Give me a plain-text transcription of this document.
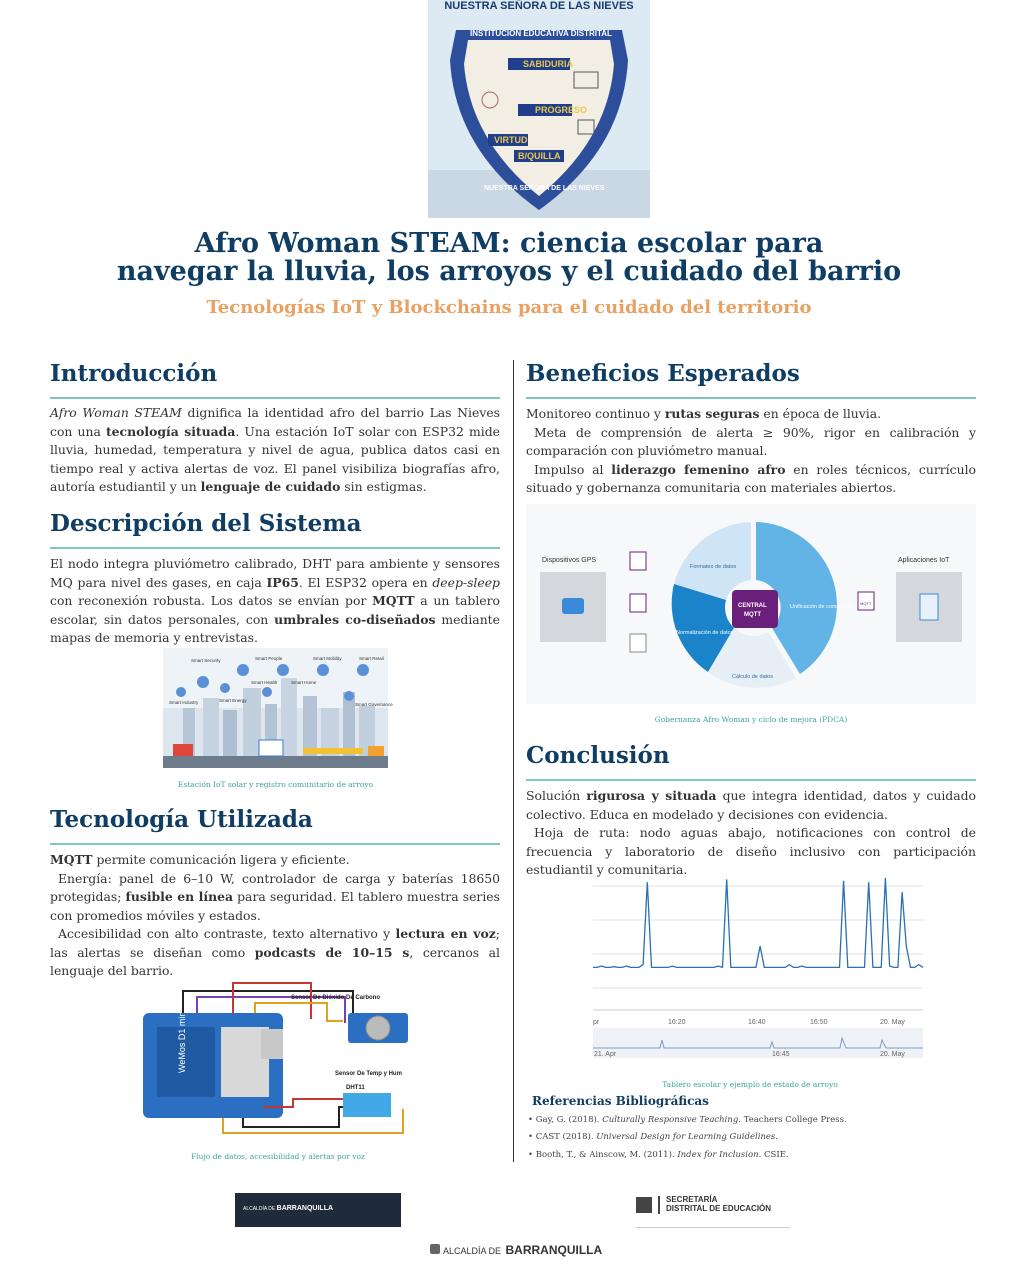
NUESTRA SEÑORA DE LAS NIEVES
SABIDURIA
PROGRESO
VIRTUD
B/QUILLA
INSTITUCION EDUCATIVA DISTRITAL
NUESTRA SEÑORA DE LAS NIEVES
Afro Woman STEAM: ciencia escolar para
navegar la lluvia, los arroyos y el cuidado del barrio
Tecnologías IoT y Blockchains para el cuidado del territorio
Introducción

Afro Woman STEAM dignifica la identidad afro del barrio Las Nieves con una tecnología situada. Una estación IoT solar con ESP32 mide lluvia, humedad, temperatura y nivel de agua, publica datos casi en tiempo real y activa alertas de voz. El panel visibiliza biografías afro, autoría estudiantil y un lenguaje de cuidado sin estigmas.

Descripción del Sistema

El nodo integra pluviómetro calibrado, DHT para ambiente y sensores MQ para nivel des gases, en caja IP65. El ESP32 opera en deep-sleep con reconexión robusta. Los datos se envían por MQTT a un tablero escolar, sin datos personales, con umbrales co-diseñados mediante mapas de memoria y entrevistas.

Smart Security	Smart People	Smart Mobility	Smart Retail
Smart Industry	Smart Energy
Smart Health	Smart Home
Smart Governance
Estación IoT solar y registro comunitario de arroyo
Tecnología Utilizada

MQTT permite comunicación ligera y eficiente.

Energía: panel de 6–10 W, controlador de carga y baterías 18650 protegidas; fusible en línea para seguridad. El tablero muestra series con promedios móviles y estados.

Accesibilidad con alto contraste, texto alternativo y lectura en voz; las alertas se diseñan como podcasts de 10–15 s, cercanos al lenguaje del barrio.

WeMos D1 mini
Sensor De Dióxido De Carbono
Sensor De Temp y Hum
DHT11
Flujo de datos, accesibilidad y alertas por voz
Beneficios Esperados

Monitoreo continuo y rutas seguras en época de lluvia.

Meta de comprensión de alerta ≥ 90%, rigor en calibración y comparación con pluviómetro manual.

Impulso al liderazgo femenino afro en roles técnicos, currículo situado y gobernanza comunitaria con materiales abiertos.

Dispositivos GPS	Aplicaciones IoT
CENTRAL
MQTT
Formateo de datos
Normalización de datos
Unificación de comandos
Cálculo de datos
MQTT
Gobernanza Afro Woman y ciclo de mejora (PDCA)
Conclusión

Solución rigurosa y situada que integra identidad, datos y cuidado colectivo. Educa en modelado y decisiones con evidencia.

Hoja de ruta: nodo aguas abajo, notificaciones con control de frecuencia y laboratorio de diseño inclusivo con participación estudiantil y comunitaria.

pr	16:20	16:40	16:50	20. May
21. Apr	16:45	20. May
Tablero escolar y ejemplo de estado de arroyo
Referencias Bibliográficas
• Gay, G. (2018). Culturally Responsive Teaching. Teachers College Press.
• CAST (2018). Universal Design for Learning Guidelines.
• Booth, T., & Ainscow, M. (2011). Index for Inclusion. CSIE.
ALCALDÍA DE BARRANQUILLA
SECRETARÍA
DISTRITAL DE EDUCACIÓN
ALCALDÍA DE BARRANQUILLA
